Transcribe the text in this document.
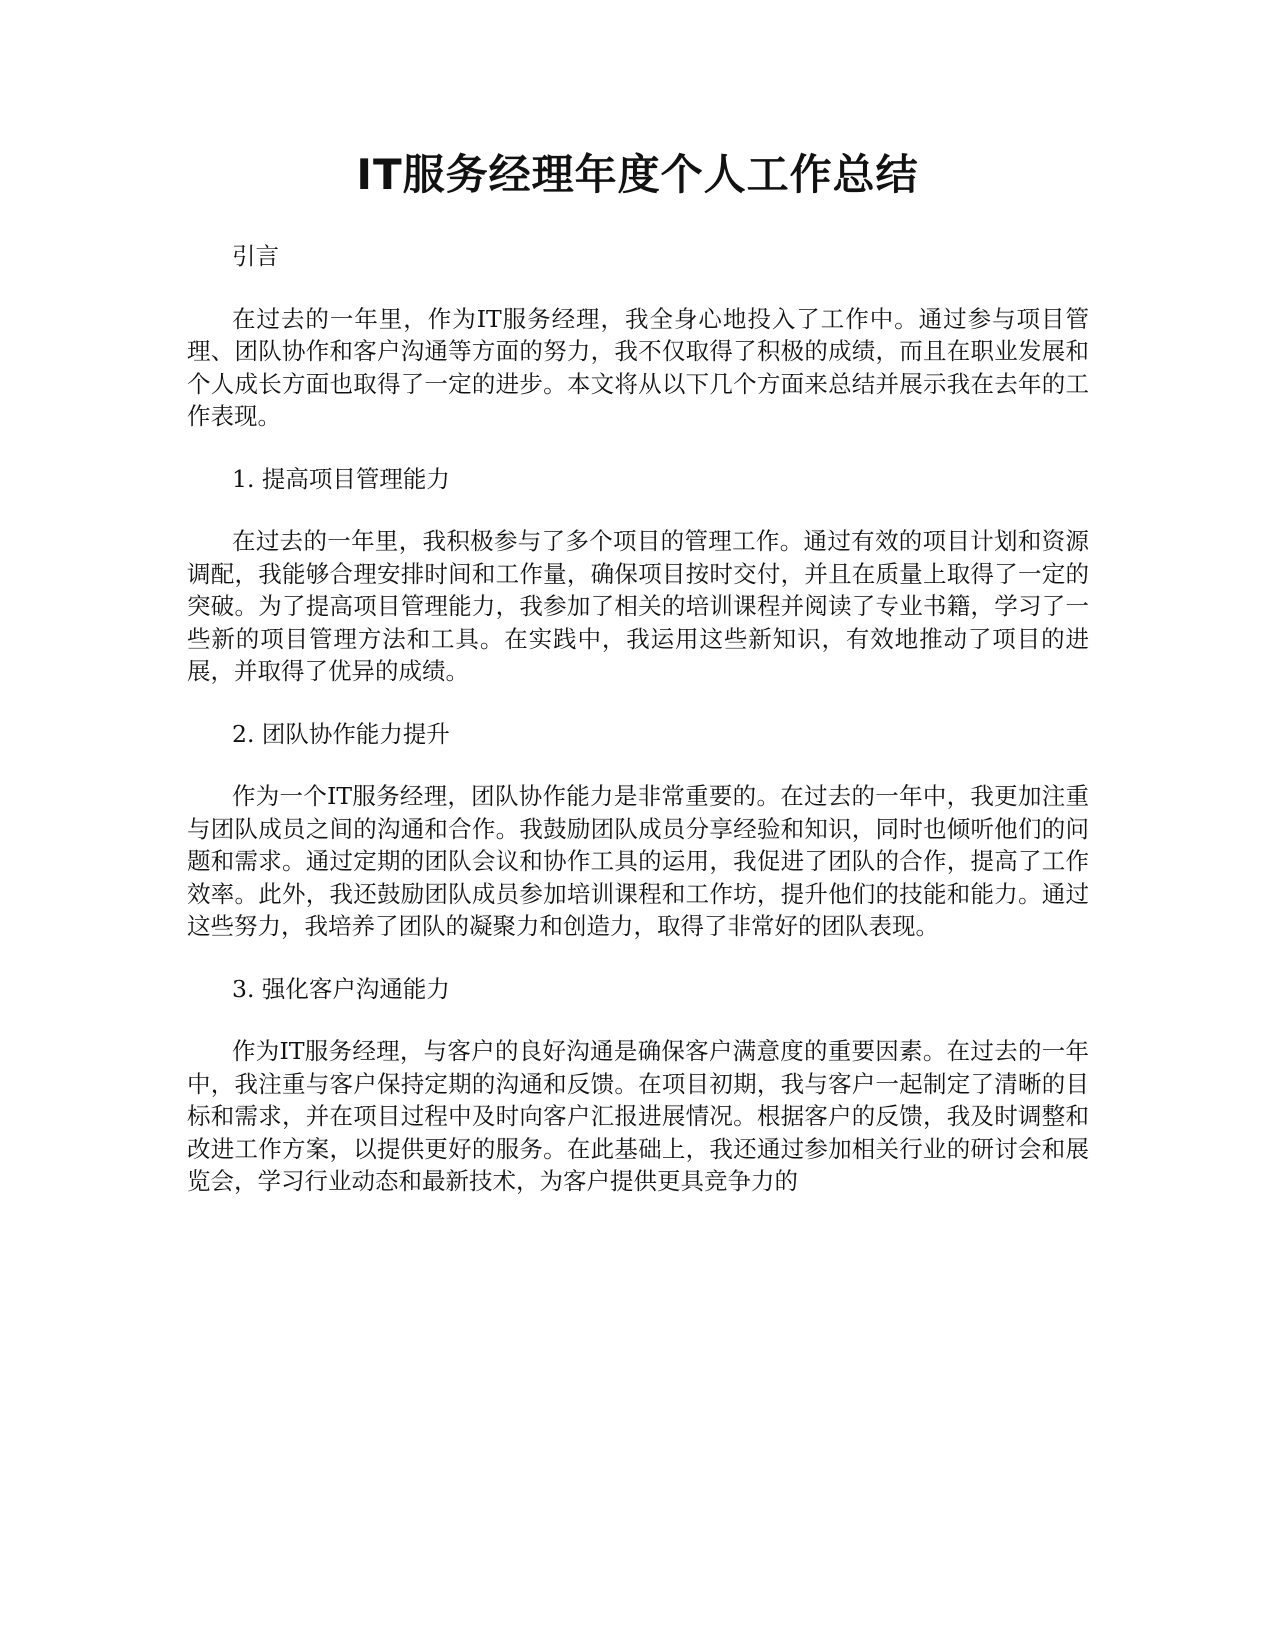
IT服务经理年度个人工作总结

引言

在过去的一年里，作为IT服务经理，我全身心地投入了工作中。通过参与项目管理、团队协作和客户沟通等方面的努力，我不仅取得了积极的成绩，而且在职业发展和个人成长方面也取得了一定的进步。本文将从以下几个方面来总结并展示我在去年的工作表现。

1. 提高项目管理能力

在过去的一年里，我积极参与了多个项目的管理工作。通过有效的项目计划和资源调配，我能够合理安排时间和工作量，确保项目按时交付，并且在质量上取得了一定的突破。为了提高项目管理能力，我参加了相关的培训课程并阅读了专业书籍，学习了一些新的项目管理方法和工具。在实践中，我运用这些新知识，有效地推动了项目的进展，并取得了优异的成绩。

2. 团队协作能力提升

作为一个IT服务经理，团队协作能力是非常重要的。在过去的一年中，我更加注重与团队成员之间的沟通和合作。我鼓励团队成员分享经验和知识，同时也倾听他们的问题和需求。通过定期的团队会议和协作工具的运用，我促进了团队的合作，提高了工作效率。此外，我还鼓励团队成员参加培训课程和工作坊，提升他们的技能和能力。通过这些努力，我培养了团队的凝聚力和创造力，取得了非常好的团队表现。

3. 强化客户沟通能力

作为IT服务经理，与客户的良好沟通是确保客户满意度的重要因素。在过去的一年中，我注重与客户保持定期的沟通和反馈。在项目初期，我与客户一起制定了清晰的目标和需求，并在项目过程中及时向客户汇报进展情况。根据客户的反馈，我及时调整和改进工作方案，以提供更好的服务。在此基础上，我还通过参加相关行业的研讨会和展览会，学习行业动态和最新技术，为客户提供更具竞争力的
